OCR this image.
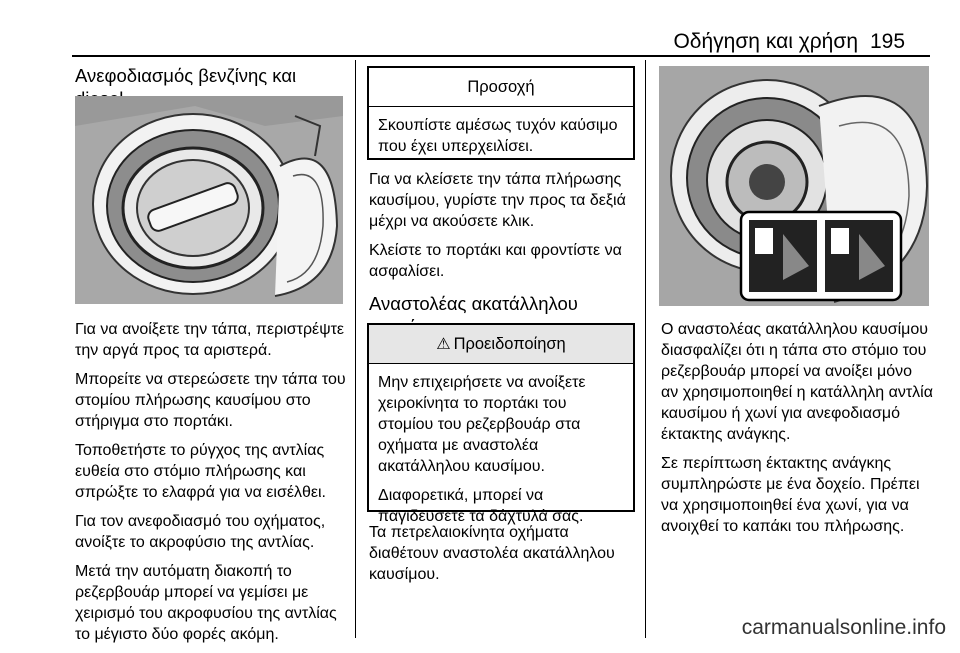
Οδήγηση και χρήση 195
Ανεφοδιασμός βενζίνης και

Για να ανοίξετε την τάπα, περιστρέψτε την αργά προς τα αριστερά.

Μπορείτε να στερεώσετε την τάπα του στομίου πλήρωσης καυσίμου στο στήριγμα στο πορτάκι.

Τοποθετήστε το ρύγχος της αντλίας ευθεία στο στόμιο πλήρωσης και σπρώξτε το ελαφρά για να εισέλθει.

Για τον ανεφοδιασμό του οχήματος, ανοίξτε το ακροφύσιο της αντλίας.

Μετά την αυτόματη διακοπή το ρεζερβουάρ μπορεί να γεμίσει με χειρισμό του ακροφυσίου της αντλίας το μέγιστο δύο φορές ακόμη.

Προσοχή

Σκουπίστε αμέσως τυχόν καύσιμο που έχει υπερχειλίσει.

Για να κλείσετε την τάπα πλήρωσης καυσίμου, γυρίστε την προς τα δεξιά μέχρι να ακούσετε κλικ.

Κλείστε το πορτάκι και φροντίστε να ασφαλίσει.

Αναστολέας ακατάλληλου
⚠ Προειδοποίηση

Μην επιχειρήσετε να ανοίξετε χειροκίνητα το πορτάκι του στομίου του ρεζερβουάρ στα οχήματα με αναστολέα ακατάλληλου καυσίμου.

Διαφορετικά, μπορεί να παγιδευσετε τα δάχτυλά σας.

Τα πετρελαιοκίνητα οχήματα διαθέτουν αναστολέα ακατάλληλου καυσίμου.

Ο αναστολέας ακατάλληλου καυσίμου διασφαλίζει ότι η τάπα στο στόμιο του ρεζερβουάρ μπορεί να ανοίξει μόνο αν χρησιμοποιηθεί η κατάλληλη αντλία καυσίμου ή χωνί για ανεφοδιασμό έκτακτης ανάγκης.

Σε περίπτωση έκτακτης ανάγκης συμπληρώστε με ένα δοχείο. Πρέπει να χρησιμοποιηθεί ένα χωνί, για να ανοιχθεί το καπάκι του πλήρωσης.

carmanualsonline.info
